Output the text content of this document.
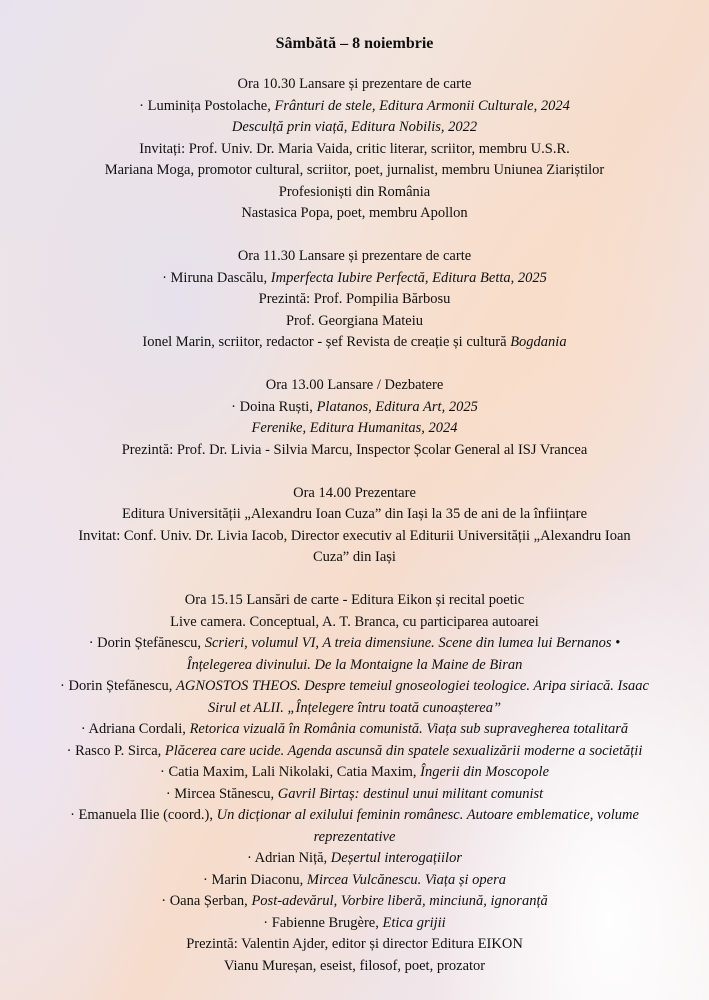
Sâmbătă – 8 noiembrie
Ora 10.30 Lansare și prezentare de carte
· Luminița Postolache, Frânturi de stele, Editura Armonii Culturale, 2024
Desculță prin viață, Editura Nobilis, 2022
Invitați: Prof. Univ. Dr. Maria Vaida, critic literar, scriitor, membru U.S.R.
Mariana Moga, promotor cultural, scriitor, poet, jurnalist, membru Uniunea Ziariștilor
Profesioniști din România
Nastasica Popa, poet, membru Apollon
Ora 11.30 Lansare și prezentare de carte
· Miruna Dascălu, Imperfecta Iubire Perfectă, Editura Betta, 2025
Prezintă: Prof. Pompilia Bărbosu
Prof. Georgiana Mateiu
Ionel Marin, scriitor, redactor - șef Revista de creație și cultură Bogdania
Ora 13.00 Lansare / Dezbatere
· Doina Ruști, Platanos, Editura Art, 2025
Ferenike, Editura Humanitas, 2024
Prezintă: Prof. Dr. Livia - Silvia Marcu, Inspector Școlar General al ISJ Vrancea
Ora 14.00 Prezentare
Editura Universității „Alexandru Ioan Cuza” din Iași la 35 de ani de la înființare
Invitat: Conf. Univ. Dr. Livia Iacob, Director executiv al Editurii Universității „Alexandru Ioan
Cuza” din Iași
Ora 15.15 Lansări de carte - Editura Eikon și recital poetic
Live camera. Conceptual, A. T. Branca, cu participarea autoarei
· Dorin Ștefănescu, Scrieri, volumul VI, A treia dimensiune. Scene din lumea lui Bernanos •
Înțelegerea divinului. De la Montaigne la Maine de Biran
· Dorin Ștefănescu, AGNOSTOS THEOS. Despre temeiul gnoseologiei teologice. Aripa siriacă. Isaac
Sirul et ALII. „Înțelegere întru toată cunoașterea”
· Adriana Cordali, Retorica vizuală în România comunistă. Viața sub supravegherea totalitară
· Rasco P. Sirca, Plăcerea care ucide. Agenda ascunsă din spatele sexualizării moderne a societății
· Catia Maxim, Lali Nikolaki, Catia Maxim, Îngerii din Moscopole
· Mircea Stănescu, Gavril Birtaș: destinul unui militant comunist
· Emanuela Ilie (coord.), Un dicționar al exilului feminin românesc. Autoare emblematice, volume
reprezentative
· Adrian Niță, Deșertul interogațiilor
· Marin Diaconu, Mircea Vulcănescu. Viața și opera
· Oana Șerban, Post-adevărul, Vorbire liberă, minciună, ignoranță
· Fabienne Brugère, Etica grijii
Prezintă: Valentin Ajder, editor și director Editura EIKON
Vianu Mureșan, eseist, filosof, poet, prozator
